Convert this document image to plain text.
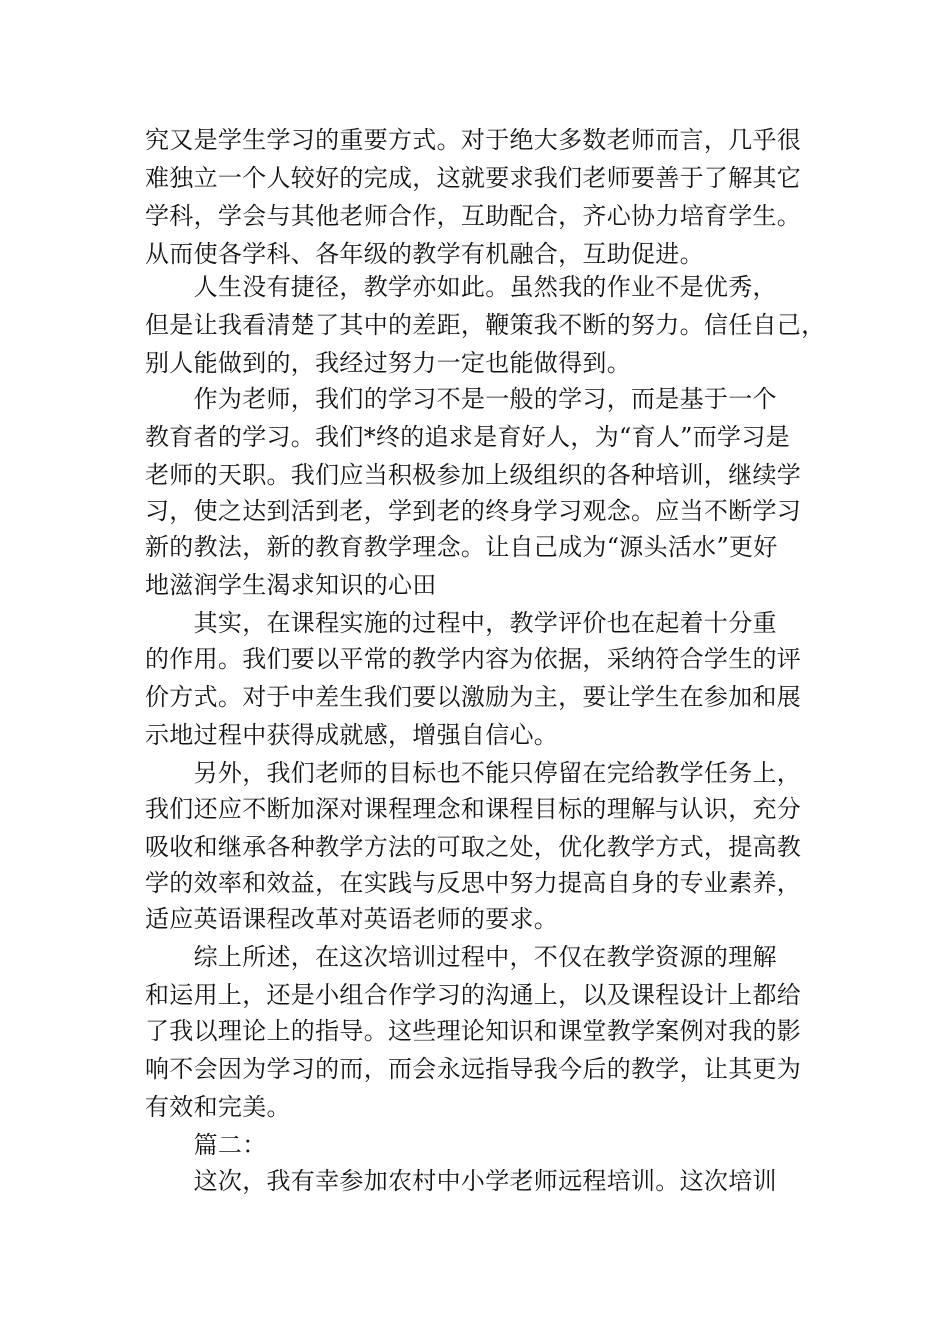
究又是学生学习的重要方式。对于绝大多数老师而言，几乎很
难独立一个人较好的完成，这就要求我们老师要善于了解其它
学科，学会与其他老师合作，互助配合，齐心协力培育学生。
从而使各学科、各年级的教学有机融合，互助促进。
　　人生没有捷径，教学亦如此。虽然我的作业不是优秀，
但是让我看清楚了其中的差距，鞭策我不断的努力。信任自己，
别人能做到的，我经过努力一定也能做得到。
　　作为老师，我们的学习不是一般的学习，而是基于一个
教育者的学习。我们*终的追求是育好人，为“育人”而学习是
老师的天职。我们应当积极参加上级组织的各种培训，继续学
习，使之达到活到老，学到老的终身学习观念。应当不断学习
新的教法，新的教育教学理念。让自己成为“源头活水”更好
地滋润学生渴求知识的心田
　　其实，在课程实施的过程中，教学评价也在起着十分重
的作用。我们要以平常的教学内容为依据，采纳符合学生的评
价方式。对于中差生我们要以激励为主，要让学生在参加和展
示地过程中获得成就感，增强自信心。
　　另外，我们老师的目标也不能只停留在完给教学任务上，
我们还应不断加深对课程理念和课程目标的理解与认识，充分
吸收和继承各种教学方法的可取之处，优化教学方式，提高教
学的效率和效益，在实践与反思中努力提高自身的专业素养，
适应英语课程改革对英语老师的要求。
　　综上所述，在这次培训过程中，不仅在教学资源的理解
和运用上，还是小组合作学习的沟通上，以及课程设计上都给
了我以理论上的指导。这些理论知识和课堂教学案例对我的影
响不会因为学习的而，而会永远指导我今后的教学，让其更为
有效和完美。
　　篇二：
　　这次，我有幸参加农村中小学老师远程培训。这次培训
